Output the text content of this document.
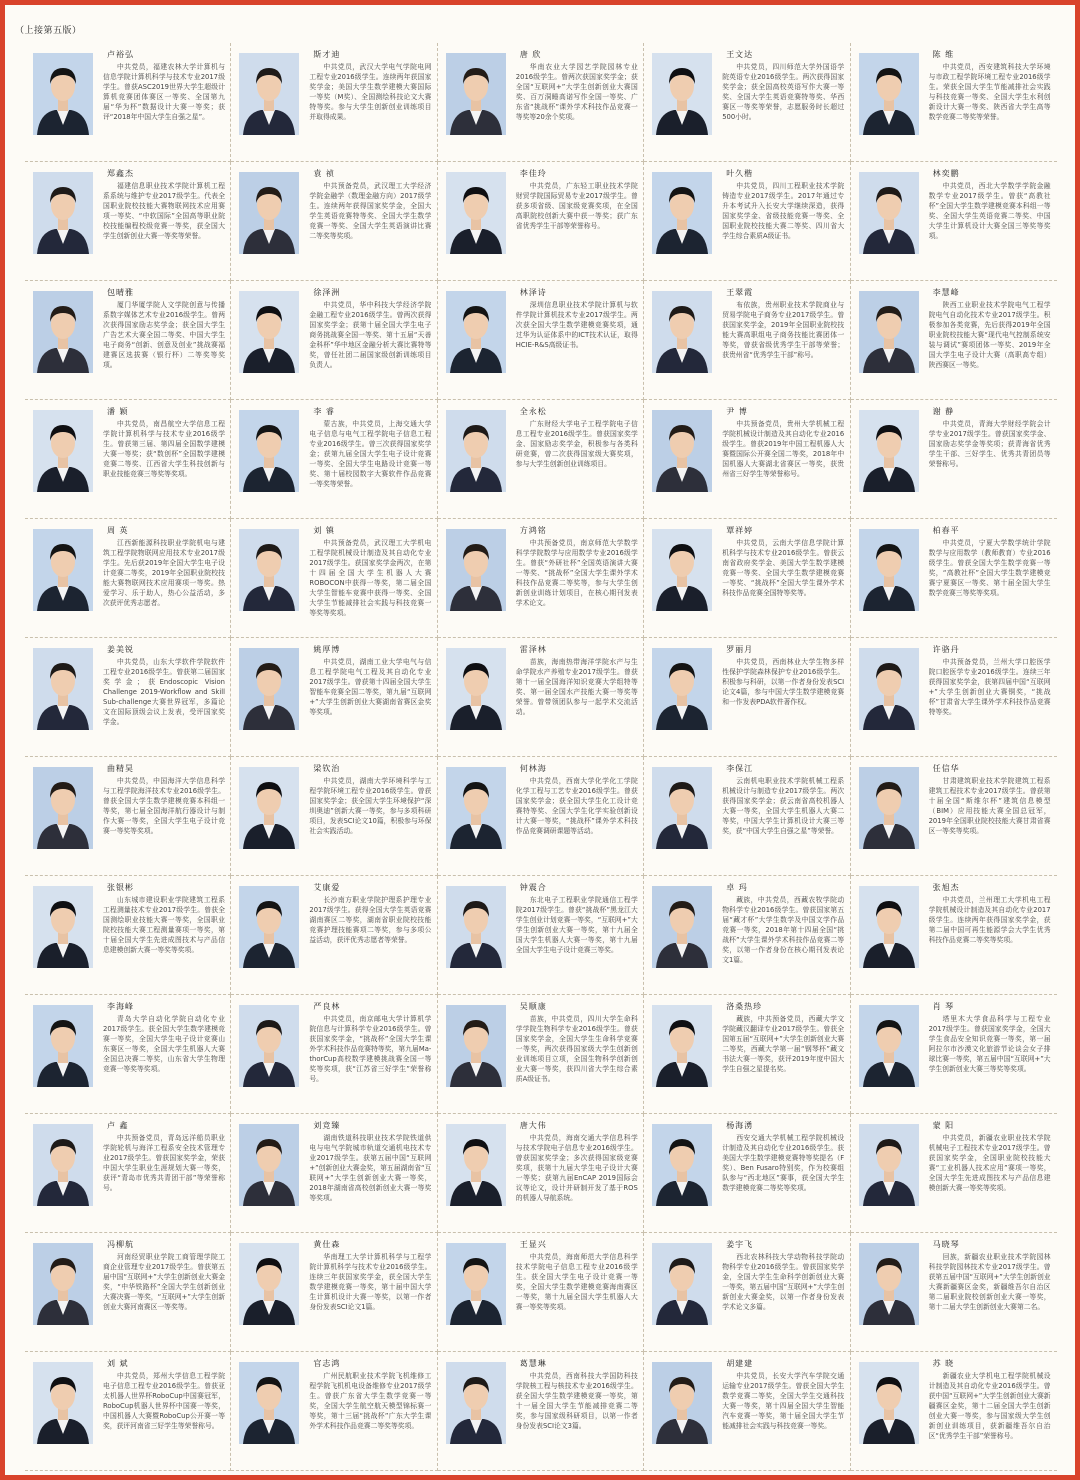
（上接第五版）
卢裕弘
中共党员，福建农林大学计算机与信息学院计算机科学与技术专业2017级学生。曾获ASC2019世界大学生超级计算机竞赛团体赛区一等奖、全国第九届“华为杯”数据设计大赛一等奖；获评“2018年中国大学生自强之星”。
斯才迪
中共党员，武汉大学电气学院电网工程专业2016级学生。连续两年获国家奖学金；美国大学生数学建模大赛国际一等奖（M奖）、全国测绘科技论文大赛特等奖。参与大学生创新创业训练项目并取得成果。
唐 欣
华南农业大学园艺学院园林专业2016级学生。曾两次获国家奖学金；获全国“互联网+”大学生创新创业大赛国奖、百万洞睡高诺写作全国一等奖、广东省“挑战杯”课外学术科技作品竞赛一等奖等20余个奖项。
王文达
中共党员，四川师范大学外国语学院英语专业2016级学生。两次获得国家奖学金；获全国高校英语写作大赛一等奖、全国大学生英语竞赛特等奖、华西赛区一等奖等荣誉，志愿服务时长超过500小时。
陈 维
中共党员，西安建筑科技大学环境与市政工程学院环境工程专业2016级学生。荣获全国大学生节能减排社会实践与科技竞赛一等奖、全国大学生水利创新设计大赛一等奖、陕西省大学生高等数学竞赛二等奖等荣誉。
郑鑫杰
福建信息职业技术学院计算机工程系系统与维护专业2017级学生。代表全国职业院校技能大赛物联网技术应用赛项一等奖、“中软国际”全国高等职业院校技能编程校级竞赛一等奖，获全国大学生创新创业大赛一等奖等荣誉。
袁 祯
中共预备党员，武汉理工大学经济学院金融学（数理金融方向）2017级学生。连续两年获得国家奖学金，全国大学生英语竞赛特等奖、全国大学生数学竞赛一等奖、全国大学生英语演讲比赛二等奖等奖项。
李佳玲
中共党员，广东轻工职业技术学院财贸学院国际贸易专业2017级学生。曾获多项省级、国家级竞赛奖项，在全国高职院校创新大赛中获一等奖；获广东省优秀学生干部等荣誉称号。
叶久楷
中共党员，四川工程职业技术学院铸造专业2017级学生。2017年通过专升本考试升入长安大学继续深造，获得国家奖学金、省级技能竞赛一等奖、全国职业院校技能大赛二等奖、四川省大学生综合素质A级证书。
林奕鹏
中共党员，西北大学数学学院金融数学专业2017级学生。曾获“高教社杯”全国大学生数学建模竞赛本科组一等奖、全国大学生英语竞赛二等奖、中国大学生计算机设计大赛全国三等奖等奖项。
包晴雅
厦门华厦学院人文学院创意与传播系数字媒体艺术专业2016级学生。曾两次获得国家励志奖学金；获全国大学生广告艺术大赛全国二等奖、中国大学生电子商务“创新、创意及创业”挑战赛福建赛区选拔赛（银行杯）二等奖等奖项。
徐泽洲
中共党员，华中科技大学经济学院金融工程专业2016级学生。曾两次获得国家奖学金；获第十届全国大学生电子商务挑战赛全国一等奖、第十五届“天善金科杯”华中地区金融分析大赛比赛特等奖，曾任社团二届国家级创新训练项目负责人。
林泽诗
深圳信息职业技术学院计算机与软件学院计算机技术专业2017级学生。两次获全国大学生数学建模竞赛奖项，通过华为认证体系中的ICT技术认证，取得HCIE-R&S高级证书。
王翠霞
布依族，贵州职业技术学院商业与贸易学院电子商务专业2017级学生。曾获国家奖学金，2019年全国职业院校技能大赛高职组电子商务技能比赛团体一等奖，曾获省级优秀学生干部等荣誉；获贵州省“优秀学生干部”称号。
李慧峰
陕西工业职业技术学院电气工程学院电气自动化技术专业2017级学生。积极参加各类竞赛，先后获得2019年全国职业院校技能大赛“现代电气控制系统安装与调试”赛项团体一等奖、2019年全国大学生电子设计大赛（高职高专组）陕西赛区一等奖。
潘 颖
中共党员，南昌航空大学信息工程学院计算机科学与技术专业2016级学生。曾获第三届、第四届全国数学建模大赛一等奖；获“数创杯”全国数学建模竞赛二等奖、江西省大学生科技创新与职业技能竞赛三等奖等奖项。
李 睿
蒙古族，中共党员，上海交通大学电子信息与电气工程学院电子信息工程专业2016级学生。曾三次获得国家奖学金；获第九届全国大学生电子设计竞赛一等奖、全国大学生电路设计竞赛一等奖、第十届校园数字大赛软件作品竞赛一等奖等荣誉。
全永松
广东财经大学电子工程学院电子信息工程专业2016级学生。曾获国家奖学金、国家励志奖学金，积极参与各类科研竞赛，曾二次获得国家级大赛奖项，参与大学生创新创业训练项目。
尹 博
中共预备党员，贵州大学机械工程学院机械设计制造及其自动化专业2016级学生。曾获2019年中国工程机器人大赛暨国际公开赛全国二等奖，2018年中国机器人大赛湖北省赛区一等奖，获贵州省三好学生等荣誉称号。
谢 静
中共党员，青海大学财经学院会计学专业2017级学生。曾获国家奖学金、国家励志奖学金等奖项；获青海省优秀学生干部、三好学生、优秀共青团员等荣誉称号。
周 英
江西新能源科技职业学院机电与建筑工程学院物联网应用技术专业2017级学生。先后获2019年全国大学生电子设计竞赛二等奖，2019年全国职业院校技能大赛物联网技术应用赛项一等奖。热爱学习、乐于助人，热心公益活动，多次获评优秀志愿者。
刘 镇
中共预备党员，武汉理工大学机电工程学院机械设计制造及其自动化专业2017级学生。获国家奖学金两次，在第十四届全国大学生机器人大赛ROBOCON中获得一等奖，第二届全国大学生智能车竞赛中获得一等奖、全国大学生节能减排社会实践与科技竞赛一等奖等奖项。
方鸿铭
中共预备党员，南京师范大学数学科学学院数学与应用数学专业2016级学生。曾获“外研社杯”全国英语演讲大赛一等奖、“挑战杯”全国大学生课外学术科技作品竞赛二等奖等，参与大学生创新创业训练计划项目，在核心期刊发表学术论文。
覃祥婷
中共党员，云南大学信息学院计算机科学与技术专业2016级学生。曾获云南省政府奖学金、美国大学生数学建模竞赛一等奖、全国大学生数学建模竞赛一等奖、“挑战杯”全国大学生课外学术科技作品竞赛全国特等奖等。
柏春平
中共党员，宁夏大学数学统计学院数学与应用数学（教师教育）专业2016级学生。曾获全国大学生数学竞赛一等奖，“高教社杯”全国大学生数学建模竞赛宁夏赛区一等奖、第十届全国大学生数学竞赛三等奖等奖项。
姜美锐
中共党员，山东大学软件学院软件工程专业2016级学生。曾获第二届国家奖学金；获Endoscopic Vision Challenge 2019-Workflow and Skill Sub-challenge大赛世界冠军，多篇论文在国际顶级会议上发表，受评国家奖学金。
姚厚博
中共党员，湖南工业大学电气与信息工程学院电气工程及其自动化专业2017级学生。曾获第十四届全国大学生智能车竞赛全国二等奖，第九届“互联网+”大学生创新创业大赛湖南省赛区金奖等奖项。
雷泽林
苗族，海南热带海洋学院水产与生命学院水产养殖专业2017级学生。曾获第十一届全国海洋知识竞赛大学组特等奖、第一届全国水产技能大赛一等奖等荣誉。曾带领团队参与一起学术交流活动。
罗丽月
中共党员，西南林业大学生物多样性保护学院森林保护专业2016级学生。积极参与科研，以第一作者身份发表SCI论文4篇，参与中国大学生数学建模竞赛和一作发表PDA软件著作权。
许骆丹
中共预备党员，兰州大学口腔医学院口腔医学专业2016级学生。连续三年获得国家奖学金，获第四届中国“互联网+”大学生创新创业大赛铜奖，“挑战杯”甘肃省大学生课外学术科技作品竞赛特等奖。
曲精昊
中共党员，中国海洋大学信息科学与工程学院海洋技术专业2016级学生。曾获全国大学生数学建模竞赛本科组一等奖，第七届全国海洋航行器设计与制作大赛一等奖，全国大学生电子设计竞赛一等奖等奖项。
梁钦治
中共党员，湖南大学环境科学与工程学院环境工程专业2016级学生。曾获国家奖学金；获全国大学生环境保护“深圳奥迪”创新大赛一等奖，参与多项科研项目，发表SCI论文10篇，积极参与环保社会实践活动。
何林海
中共党员，西南大学化学化工学院化学工程与工艺专业2016级学生。曾获国家奖学金；获全国大学生化工设计竞赛特等奖、全国大学生化学实验创新设计大赛一等奖，“挑战杯”课外学术科技作品竞赛调研课题等活动。
李保江
云南机电职业技术学院机械工程系机械设计与制造专业2017级学生。两次获得国家奖学金；获云南省高校机器人大赛一等奖，全国大学生机器人大赛二等奖，中国大学生计算机设计大赛三等奖，获“中国大学生自强之星”等荣誉。
任信华
甘肃建筑职业技术学院建筑工程系建筑工程技术专业2017级学生。曾获第十届全国“斯维尔杯”建筑信息模型（BIM）应用技能大赛全国总冠军，2019年全国职业院校技能大赛甘肃省赛区一等奖等奖项。
张银彬
山东城市建设职业学院建筑工程系工程测量技术专业2017级学生。曾获全国测绘职业技能大赛一等奖，全国职业院校技能大赛工程测量赛项一等奖，第十届全国大学生先进成图技术与产品信息建模创新大赛一等奖等奖项。
艾康爱
长沙南方职业学院护理系护理专业2017级学生。获得全国大学生英语竞赛湖南赛区二等奖，湖南省职业院校技能竞赛护理技能赛项二等奖，参与多项公益活动，获评优秀志愿者等荣誉。
钟震合
东北电子工程职业学院通信工程学院2017级学生。曾获“挑战杯”黑龙江大学生创业计划竞赛一等奖，“互联网+”大学生创新创业大赛一等奖，第十九届全国大学生机器人大赛一等奖，第十九届全国大学生电子设计竞赛三等奖。
卓 玛
藏族，中共党员，西藏农牧学院动物科学专业2016级学生。曾获国家第五届“藏才杯”大学生数学及中国文学作品竞赛一等奖，2018年第十四届全国“挑战杯”大学生课外学术科技作品竞赛二等奖，以第一作者身份在核心期刊发表论文1篇。
张旭杰
中共党员，兰州理工大学机电工程学院机械设计制造及其自动化专业2017级学生。连续两年获得国家奖学金，获第二届中国可再生能源学会大学生优秀科技作品竞赛二等奖等奖项。
李海峰
青岛大学自动化学院自动化专业2017级学生。获全国大学生数学建模竞赛一等奖，全国大学生电子设计竞赛山东赛区一等奖，全国大学生机器人大赛全国总决赛二等奖，山东省大学生物理竞赛一等奖等奖项。
严良林
中共党员，南京邮电大学计算机学院信息与计算科学专业2016级学生。曾获国家奖学金，“挑战杯”全国大学生课外学术科技作品竞赛特等奖，第九届Ma-thorCup高校数学建模挑战赛全国一等奖等奖项，获“江苏省三好学生”荣誉称号。
吴顺康
苗族，中共党员，四川大学生命科学学院生物科学专业2016级学生。曾获国家奖学金，全国大学生生命科学竞赛一等奖，两次获得国家级大学生创新创业训练项目立项，全国生物科学创新创业大赛一等奖，获四川省大学生综合素质A级证书。
洛桑热珍
藏族，中共预备党员，西藏大学文学院藏汉翻译专业2017级学生。曾获全国第五届“互联网+”大学生创新创业大赛二等奖，西藏大学第一届“钢琴杯”藏文书法大赛一等奖，获评2019年度中国大学生自强之星提名奖。
肖 琴
塔里木大学食品科学与工程专业2017级学生。曾获国家奖学金，全国大学生食品安全知识竞赛一等奖，第一届阿拉尔市沙漠文化旅游节论谈会女子排球比赛一等奖，第五届中国“互联网+”大学生创新创业大赛三等奖等奖项。
卢 鑫
中共预备党员，青岛远洋船员职业学院轮机与海洋工程系安全技术管理专业2017级学生。曾获国家奖学金，荣获中国大学生职业生涯规划大赛一等奖，获评“青岛市优秀共青团干部”等荣誉称号。
刘竞臻
湖南铁道科技职业技术学院铁道供电与电气学院城市轨道交通机电技术专业2017级学生。获第五届中国“互联网+”创新创业大赛金奖，第五届湖南省“互联网+”大学生创新创业大赛一等奖，2018年湖南省高校创新创业大赛一等奖等奖项。
唐大伟
中共党员，海南交通大学信息科学与技术学院电子信息专业2016级学生。曾获国家奖学金；多次获得国家级竞赛奖项，获第十九届大学生电子设计大赛一等奖；获第九届EnCAP 2019国际会议等论文，设计并研制开发了基于ROS的机器人导航系统。
杨海湧
西安交通大学机械工程学院机械设计制造及其自动化专业2016级学生。获美国大学生数学建模竞赛特等奖提名（F奖）、Ben Fusaro特别奖，作为校赛组队参与“西北地区”赛事，获全国大学生数学建模竞赛二等奖等奖项。
蒙 阳
中共党员，新疆农业职业技术学院机械电子工程技术专业2017级学生。曾获国家奖学金，全国职业院校技能大赛“工业机器人技术应用”赛项一等奖，全国大学生先进成图技术与产品信息建模创新大赛一等奖等奖项。
冯柳航
河南经贸职业学院工商管理学院工商企业管理专业2017级学生。曾获第五届中国“互联网+”大学生创新创业大赛金奖，“中华铁路杯”全国大学生创新创业大赛决赛一等奖，“互联网+”大学生创新创业大赛河南赛区一等奖等。
黄仕森
华南理工大学计算机科学与工程学院计算机科学与技术专业2016级学生。连续三年获国家奖学金，获全国大学生数学建模竞赛一等奖，第十届中国大学生计算机设计大赛一等奖，以第一作者身份发表SCI论文1篇。
王显兴
中共党员，海南师范大学信息科学技术学院电子信息工程专业2016级学生。获全国大学生电子设计竞赛一等奖，全国大学生数学建模竞赛海南赛区一等奖，第十九届全国大学生机器人大赛一等奖等奖项。
姜宇飞
西北农林科技大学动物科技学院动物科学专业2016级学生。曾获国家奖学金，全国大学生生命科学创新创业大赛一等奖，第五届中国“互联网+”大学生创新创业大赛金奖，以第一作者身份发表学术论文多篇。
马晓琴
回族，新疆农业职业技术学院园林科技学院园林技术专业2017级学生。曾获第五届中国“互联网+”大学生创新创业大赛新疆赛区金奖，新疆维吾尔自治区第二届职业院校创新创业大赛一等奖，第十二届大学生创新创业大赛第二名。
刘 斌
中共党员，郑州大学信息工程学院电子信息工程专业2016级学生。曾获亚太机器人世界杯RoboCup中国赛冠军，RoboCup机器人世界杯中国赛一等奖，中国机器人大赛暨RoboCup公开赛一等奖，获评河南省三好学生等荣誉称号。
官志鸿
广州民航职业技术学院飞机维修工程学院飞机机电设备维修专业2017级学生。曾获广东省大学生数学竞赛一等奖，全国大学生航空航天模型锦标赛一等奖，第十三届“挑战杯”广东大学生课外学术科技作品竞赛二等奖等奖项。
葛慧琳
中共党员，西南科技大学国防科技学院核工程与核技术专业2016级学生。获全国大学生数学建模竞赛一等奖，第十一届全国大学生节能减排竞赛二等奖，参与国家级科研项目，以第一作者身份发表SCI论文3篇。
胡建建
中共党员，长安大学汽车学院交通运输专业2017级学生。曾获全国大学生数学竞赛二等奖，全国大学生交通科技大赛一等奖，第十四届全国大学生智能汽车竞赛一等奖，第十届全国大学生节能减排社会实践与科技竞赛一等奖。
苏 晓
新疆农业大学机电工程学院机械设计制造及其自动化专业2016级学生。曾获中国“互联网+”大学生创新创业大赛新疆赛区金奖，第十二届全国大学生创新创业大赛一等奖，参与国家级大学生创新创业训练项目，获新疆维吾尔自治区“优秀学生干部”荣誉称号。
